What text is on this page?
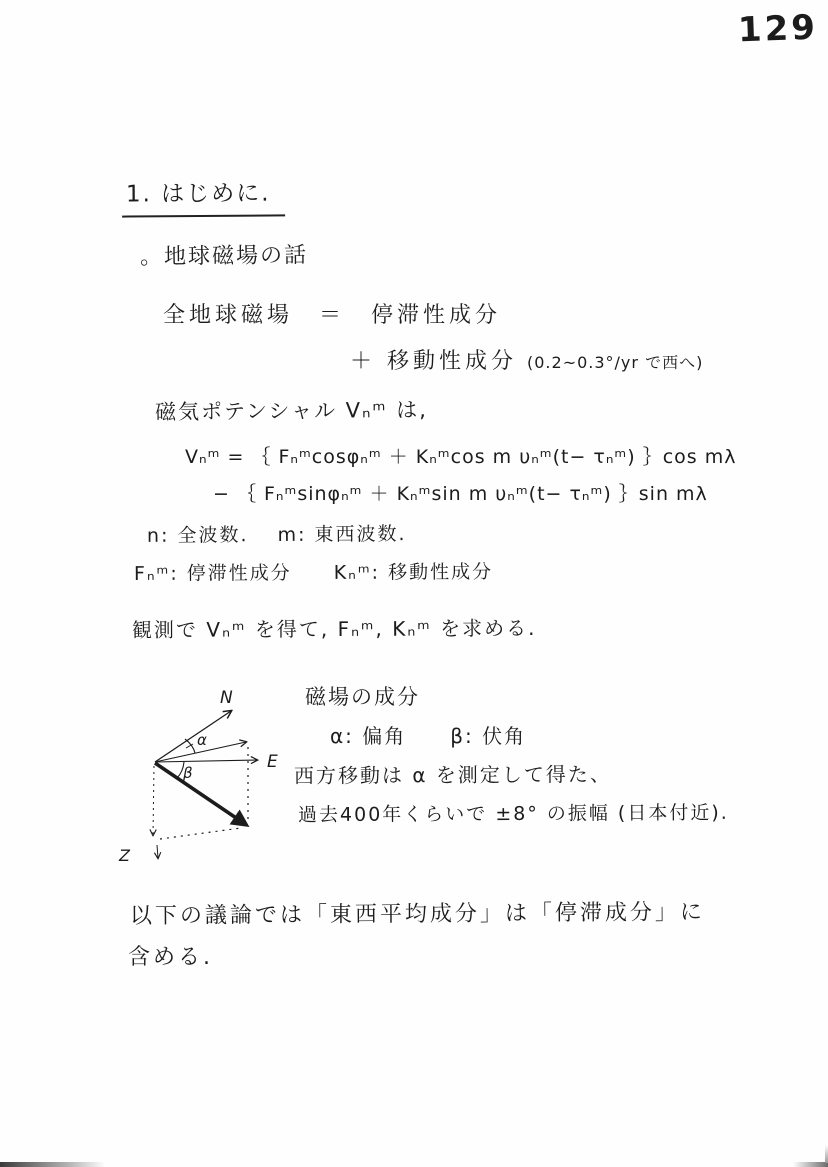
129
1. はじめに.
。地球磁場の話
全地球磁場　＝　停滞性成分
＋ 移動性成分 (0.2~0.3°/yr で西へ)
磁気ポテンシャル Vₙᵐ は,
Vₙᵐ = ｛ Fₙᵐcosφₙᵐ ＋ Kₙᵐcos m υₙᵐ(t− τₙᵐ) ｝cos mλ
− ｛ Fₙᵐsinφₙᵐ ＋ Kₙᵐsin m υₙᵐ(t− τₙᵐ) ｝sin mλ
n: 全波数.　 m: 東西波数.
Fₙᵐ: 停滞性成分　　Kₙᵐ: 移動性成分
観測で Vₙᵐ を得て, Fₙᵐ, Kₙᵐ を求める.
N
E
Z
α
β
磁場の成分
α: 偏角　　β: 伏角
西方移動は α を測定して得た、
過去400年くらいで ±8° の振幅 (日本付近).
以下の議論では「東西平均成分」は「停滞成分」に
含める.
